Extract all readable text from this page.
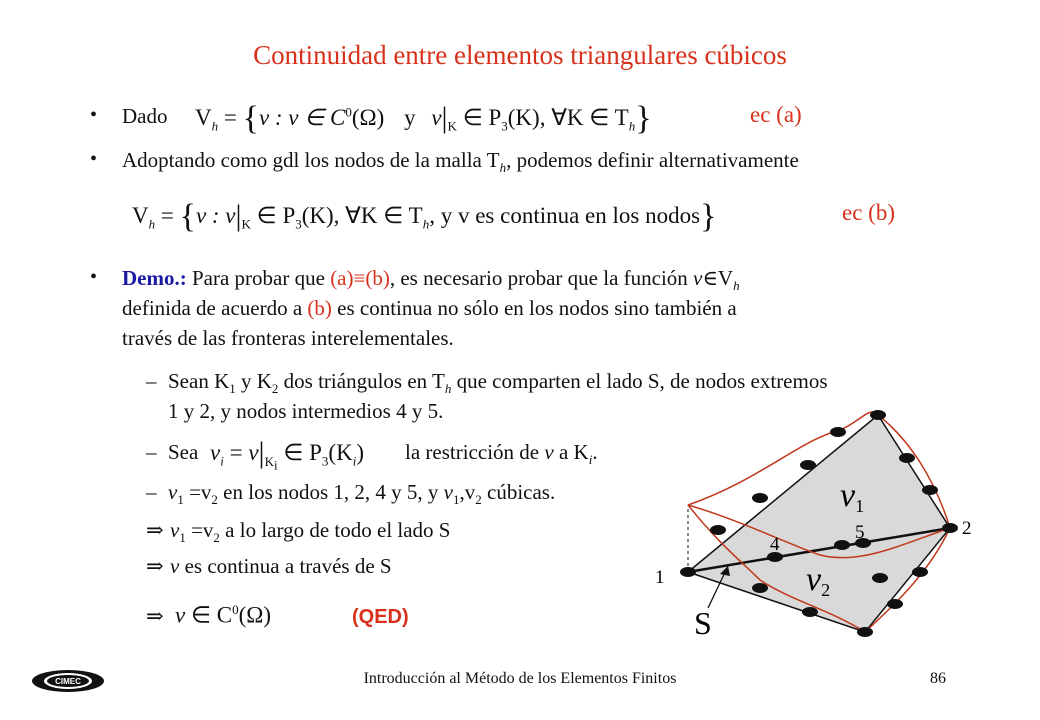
Continuidad entre elementos triangulares cúbicos
• Dado $V_h = \{v$ : v ∈ $C^0(\Omega)$ y $v|_K$ ∈ $P_3(K)$, ∀K ∈ $T_h$}	ec (a)
• Adoptando como gdl los nodos de la malla $T_h$, podemos definir alternativamente
$V_h = \{v$ : $v|_K$ ∈ $P_3(K)$, ∀K ∈ $T_h$, y v es continua en los nodos}	ec (b)
• Demo.: Para probar que (a)≡(b), es necesario probar que la función $v\in V_h$
definida de acuerdo a (b) es continua no sólo en los nodos sino también a
través de las fronteras interelementales.
– Sean $K_1$ y $K_2$ dos triángulos en $T_h$ que comparten el lado S, de nodos extremos
1 y 2, y nodos intermedios 4 y 5.
– Sea $v_i = v|_{K_i}$ ∈ $P_3(K_i)$ la restricción de v a $K_i$.
– $v_1 =v_2$ en los nodos 1, 2, 4 y 5, y $v_1,v_2$ cúbicas.
⇒ $v_1 =v_2$ a lo largo de todo el lado S
⇒ v es continua a través de S
⇒ v ∈ $C^0(\Omega)$	(QED)
v1
v2
1
2
4
5
S
CIMEC	Introducción al Método de los Elementos Finitos	86
